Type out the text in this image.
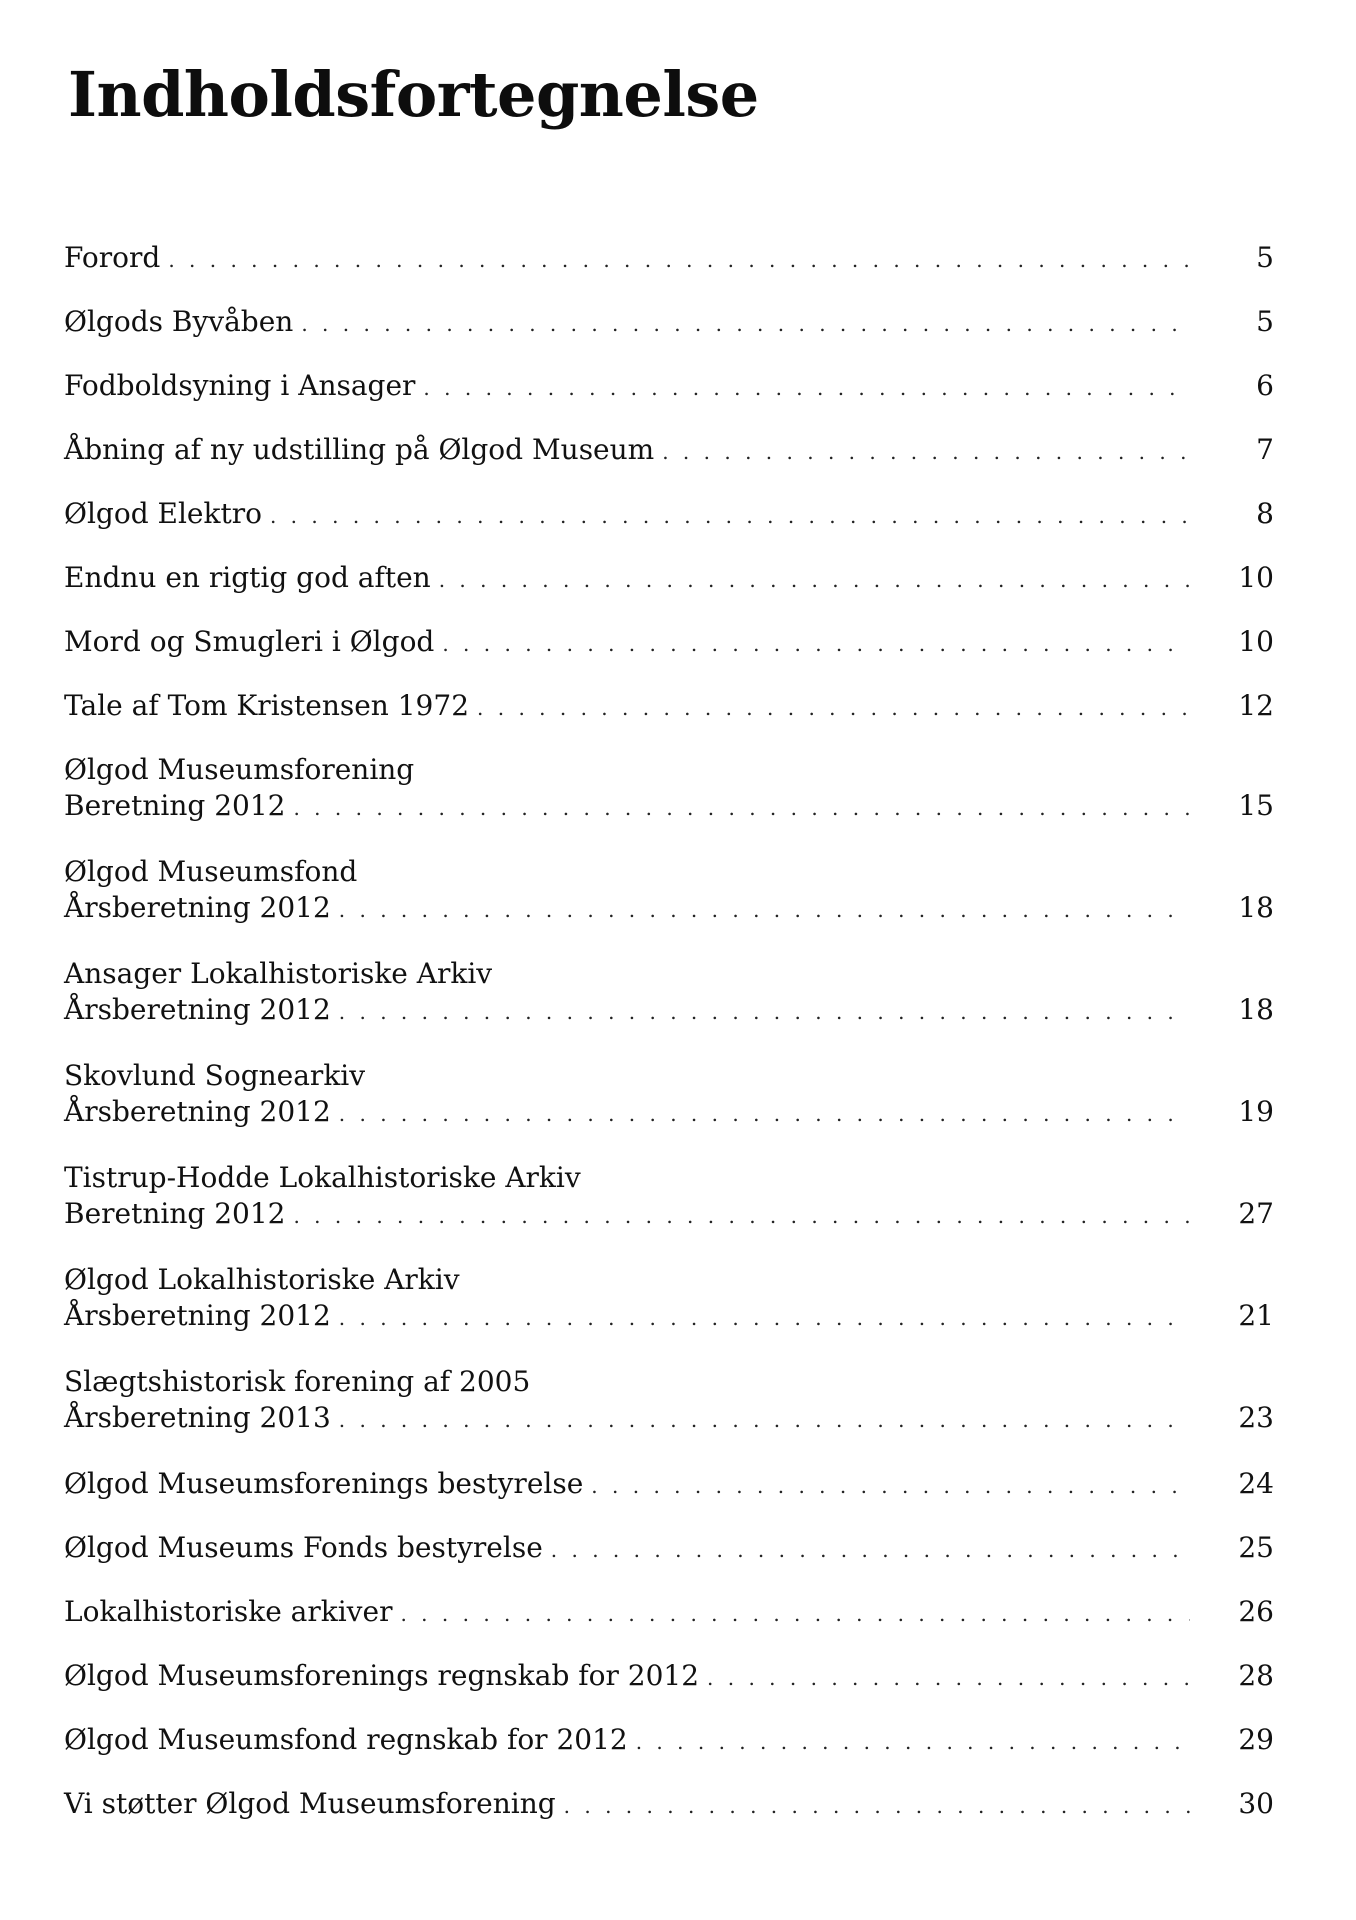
Indholdsfortegnelse
Forord . . .	5
Ølgods Byvåben . . .	5
Fodboldsyning i Ansager . . .	6
Åbning af ny udstilling på Ølgod Museum . . .	7
Ølgod Elektro . . .	8
Endnu en rigtig god aften . . .	10
Mord og Smugleri i Ølgod . . .	10
Tale af Tom Kristensen 1972 . . .	12
Ølgod Museumsforening
Beretning 2012 . . .	15
Ølgod Museumsfond
Årsberetning 2012 . . .	18
Ansager Lokalhistoriske Arkiv
Årsberetning 2012 . . .	18
Skovlund Sognearkiv
Årsberetning 2012 . . .	19
Tistrup-Hodde Lokalhistoriske Arkiv
Beretning 2012 . . .	27
Ølgod Lokalhistoriske Arkiv
Årsberetning 2012 . . .	21
Slægtshistorisk forening af 2005
Årsberetning 2013 . . .	23
Ølgod Museumsforenings bestyrelse . . .	24
Ølgod Museums Fonds bestyrelse . . .	25
Lokalhistoriske arkiver . . .	26
Ølgod Museumsforenings regnskab for 2012 . . .	28
Ølgod Museumsfond regnskab for 2012 . . .	29
Vi støtter Ølgod Museumsforening . . .	30
